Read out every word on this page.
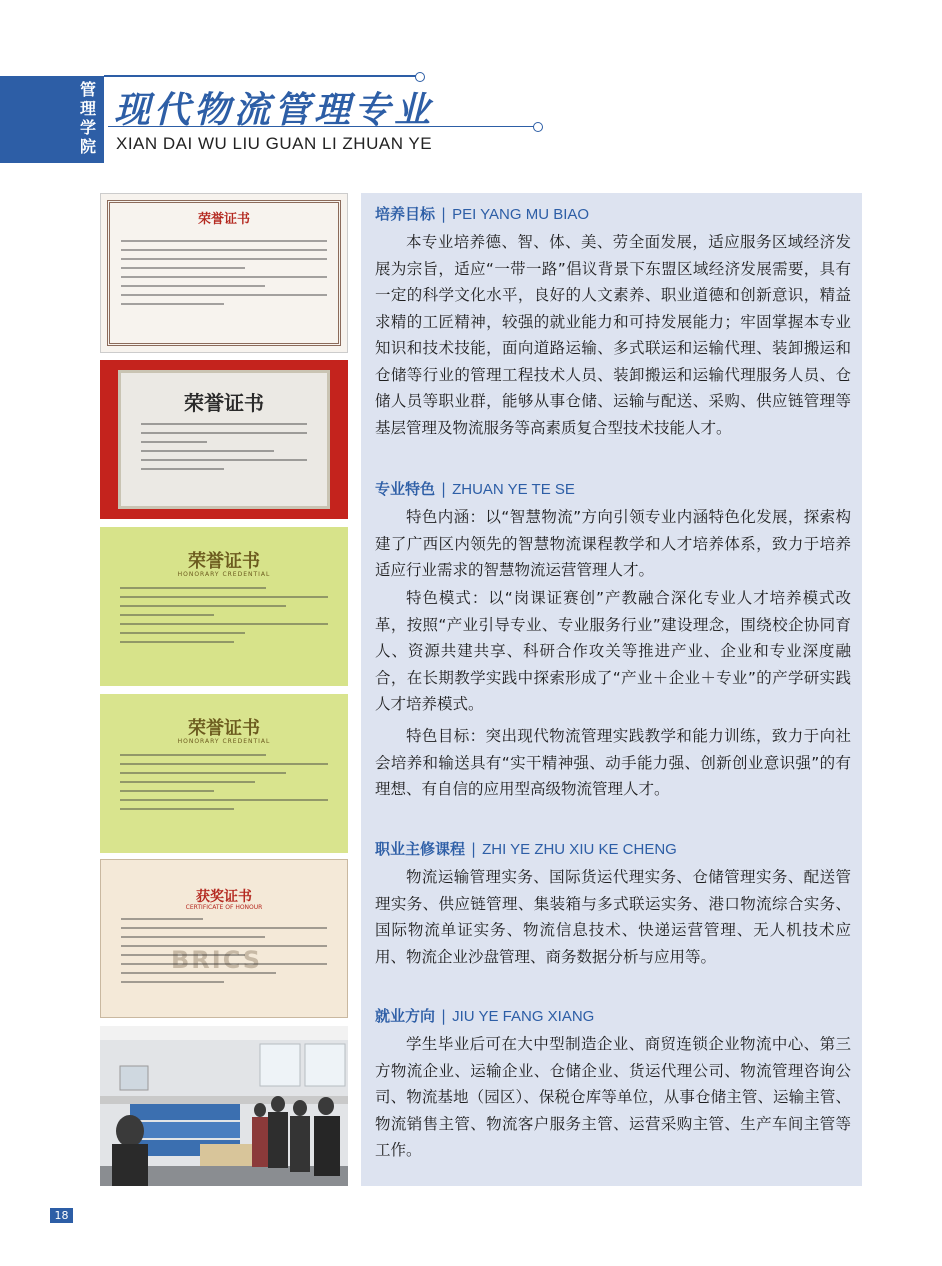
管理学院
现代物流管理专业
XIAN DAI WU LIU GUAN LI ZHUAN YE
荣誉证书
荣誉证书
荣誉证书
HONORARY CREDENTIAL
荣誉证书
HONORARY CREDENTIAL
获奖证书
CERTIFICATE OF HONOUR
BRICS
培养目标 | PEI YANG MU BIAO

本专业培养德、智、体、美、劳全面发展，适应服务区域经济发展为宗旨，适应“一带一路”倡议背景下东盟区域经济发展需要，具有一定的科学文化水平，良好的人文素养、职业道德和创新意识，精益求精的工匠精神，较强的就业能力和可持发展能力；牢固掌握本专业知识和技术技能，面向道路运输、多式联运和运输代理、装卸搬运和仓储等行业的管理工程技术人员、装卸搬运和运输代理服务人员、仓储人员等职业群，能够从事仓储、运输与配送、采购、供应链管理等基层管理及物流服务等高素质复合型技术技能人才。

专业特色 | ZHUAN YE TE SE

特色内涵：以“智慧物流”方向引领专业内涵特色化发展，探索构建了广西区内领先的智慧物流课程教学和人才培养体系，致力于培养适应行业需求的智慧物流运营管理人才。

特色模式：以“岗课证赛创”产教融合深化专业人才培养模式改革，按照“产业引导专业、专业服务行业”建设理念，围绕校企协同育人、资源共建共享、科研合作攻关等推进产业、企业和专业深度融合，在长期教学实践中探索形成了“产业＋企业＋专业”的产学研实践人才培养模式。

特色目标：突出现代物流管理实践教学和能力训练，致力于向社会培养和输送具有“实干精神强、动手能力强、创新创业意识强”的有理想、有自信的应用型高级物流管理人才。

职业主修课程 | ZHI YE ZHU XIU KE CHENG

物流运输管理实务、国际货运代理实务、仓储管理实务、配送管理实务、供应链管理、集装箱与多式联运实务、港口物流综合实务、国际物流单证实务、物流信息技术、快递运营管理、无人机技术应用、物流企业沙盘管理、商务数据分析与应用等。

就业方向 | JIU YE FANG XIANG

学生毕业后可在大中型制造企业、商贸连锁企业物流中心、第三方物流企业、运输企业、仓储企业、货运代理公司、物流管理咨询公司、物流基地（园区）、保税仓库等单位，从事仓储主管、运输主管、物流销售主管、物流客户服务主管、运营采购主管、生产车间主管等工作。

18
